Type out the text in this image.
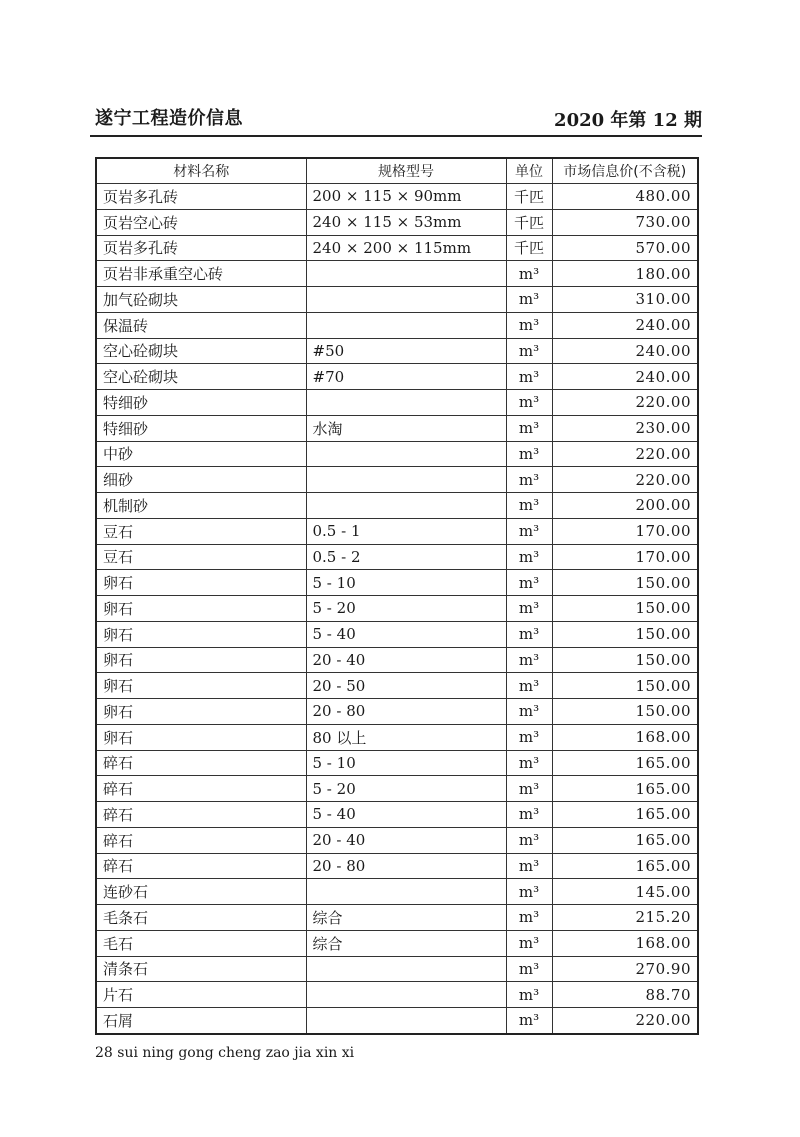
遂宁工程造价信息	2020 年第 12 期
材料名称	规格型号	单位	市场信息价(不含税)
页岩多孔砖	200 × 115 × 90mm	千匹	480.00
页岩空心砖	240 × 115 × 53mm	千匹	730.00
页岩多孔砖	240 × 200 × 115mm	千匹	570.00
页岩非承重空心砖		m³	180.00
加气砼砌块		m³	310.00
保温砖		m³	240.00
空心砼砌块	#50	m³	240.00
空心砼砌块	#70	m³	240.00
特细砂		m³	220.00
特细砂	水淘	m³	230.00
中砂		m³	220.00
细砂		m³	220.00
机制砂		m³	200.00
豆石	0.5 - 1	m³	170.00
豆石	0.5 - 2	m³	170.00
卵石	5 - 10	m³	150.00
卵石	5 - 20	m³	150.00
卵石	5 - 40	m³	150.00
卵石	20 - 40	m³	150.00
卵石	20 - 50	m³	150.00
卵石	20 - 80	m³	150.00
卵石	80 以上	m³	168.00
碎石	5 - 10	m³	165.00
碎石	5 - 20	m³	165.00
碎石	5 - 40	m³	165.00
碎石	20 - 40	m³	165.00
碎石	20 - 80	m³	165.00
连砂石		m³	145.00
毛条石	综合	m³	215.20
毛石	综合	m³	168.00
清条石		m³	270.90
片石		m³	88.70
石屑		m³	220.00
28 sui ning gong cheng zao jia xin xi
